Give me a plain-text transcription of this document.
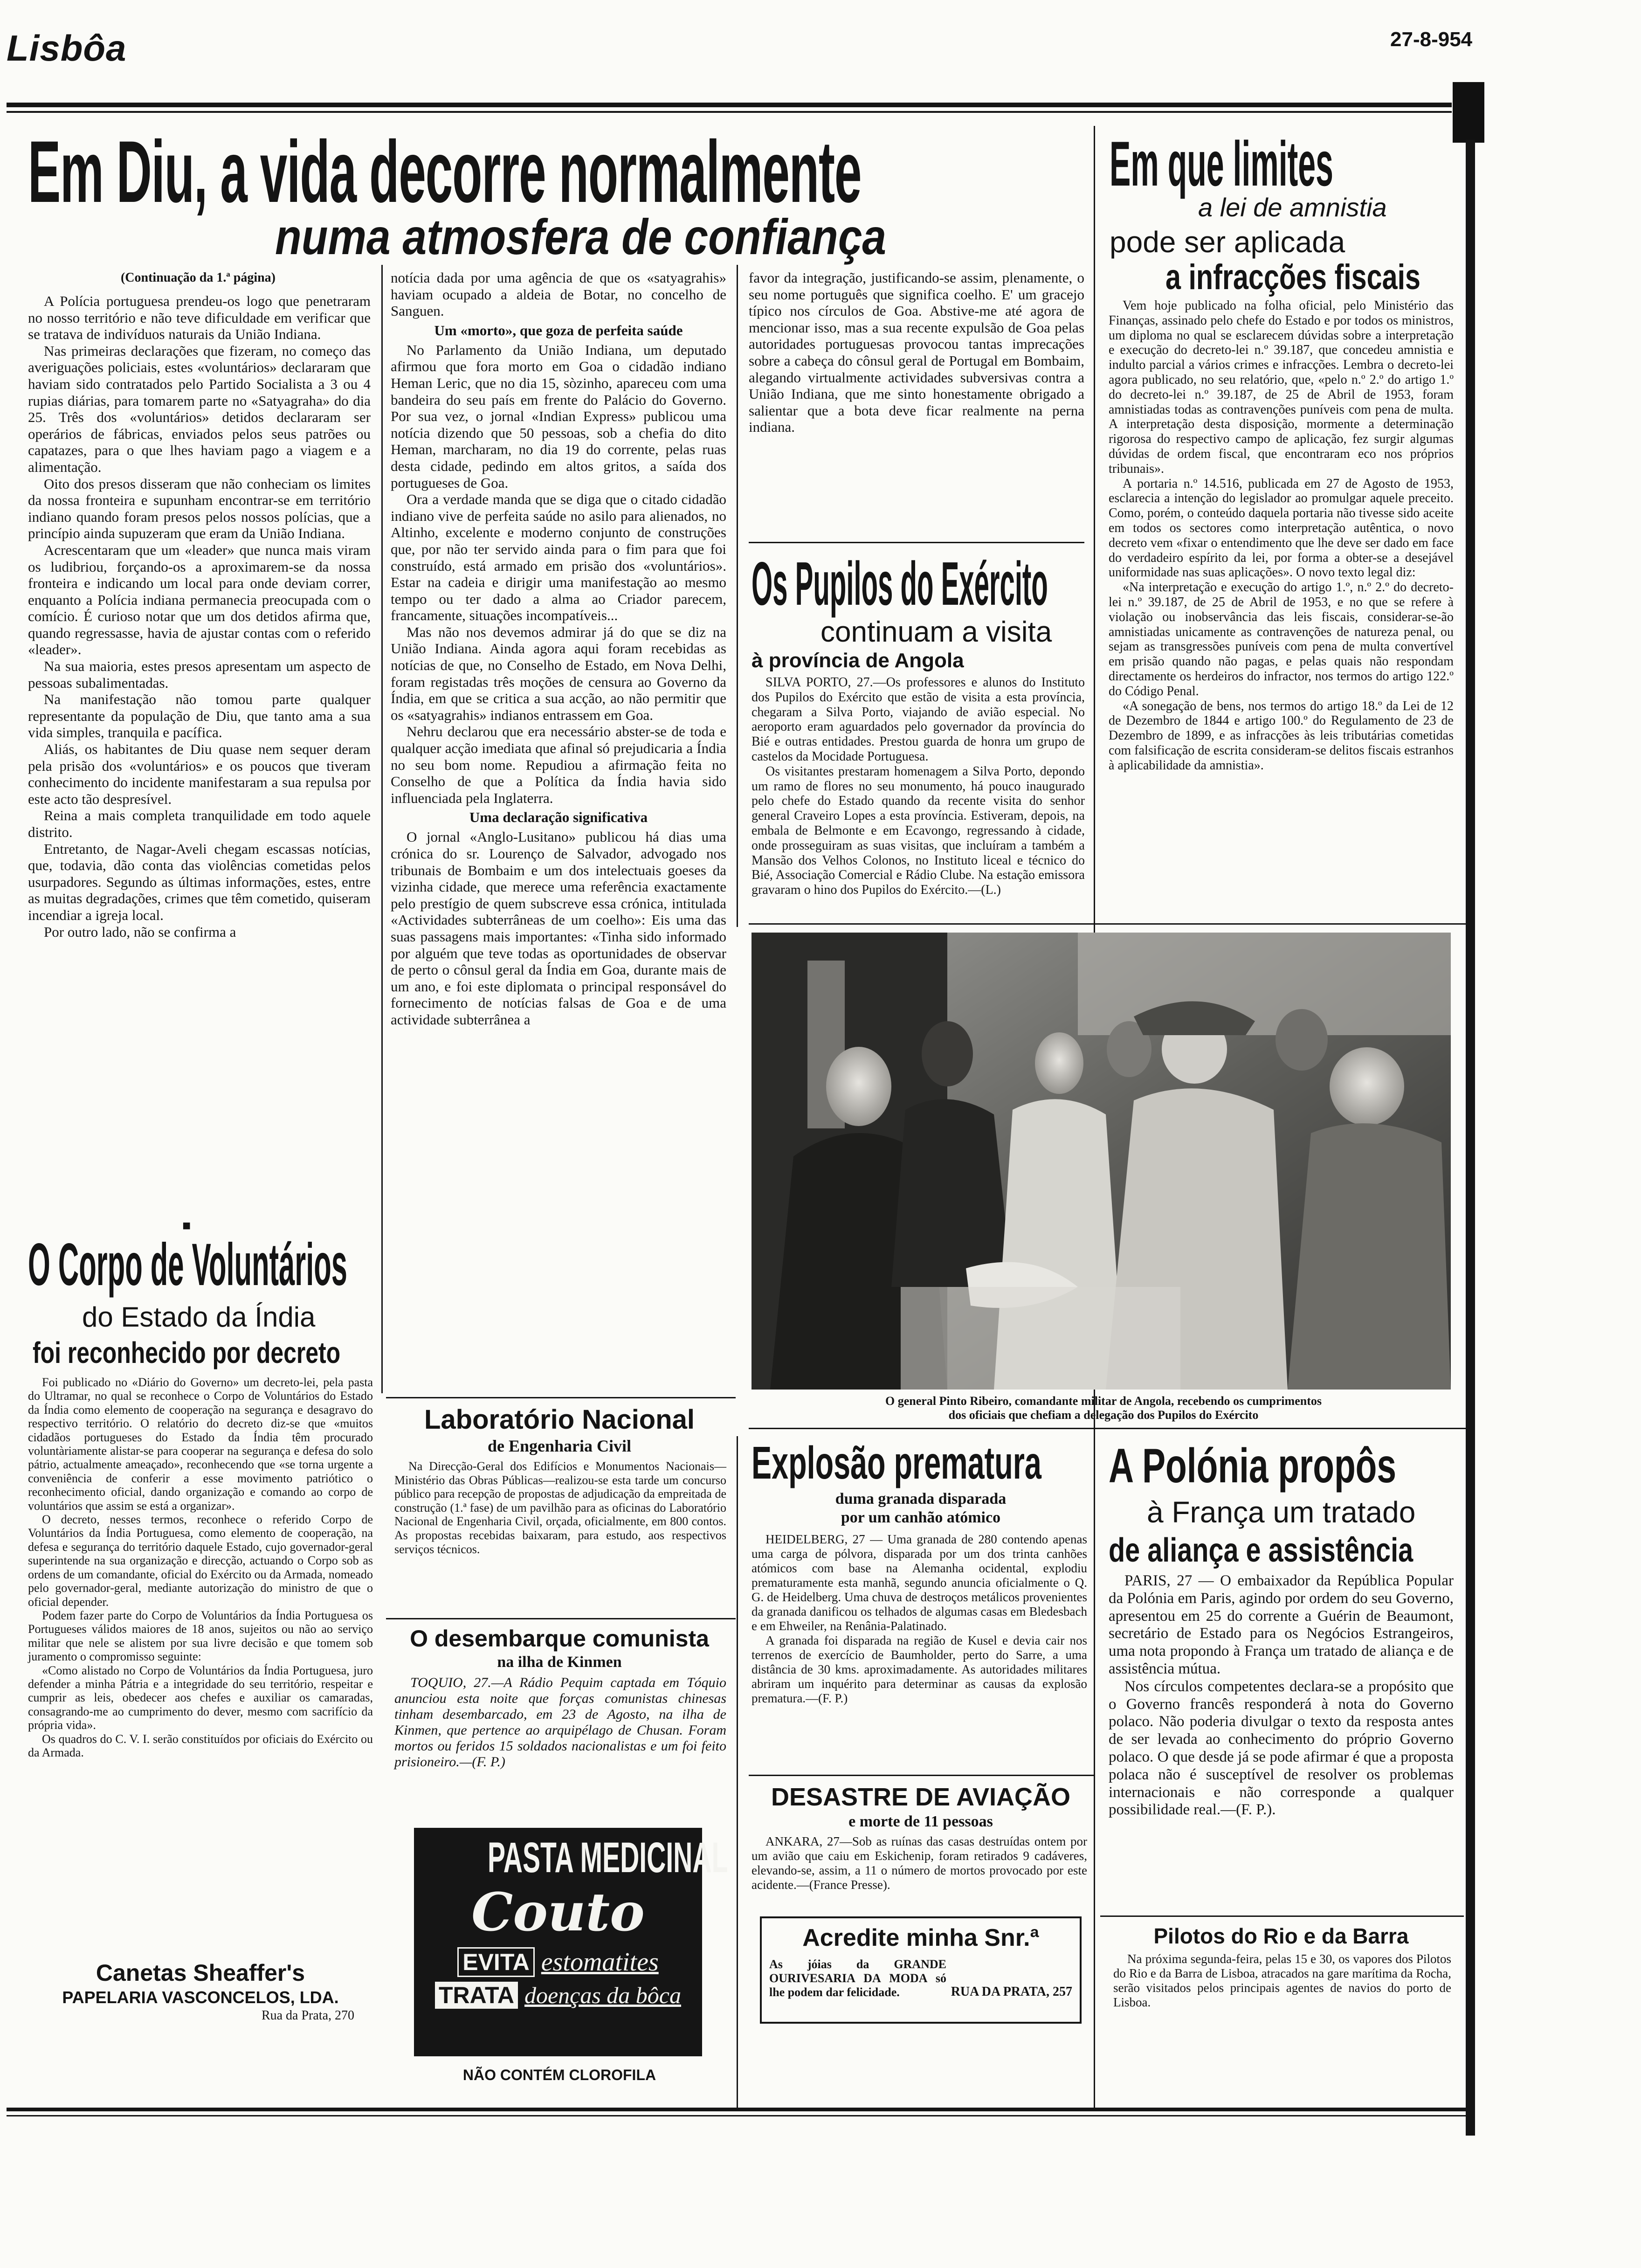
Lisbôa	27-8-954
Em Diu, a vida decorre normalmente
numa atmosfera de confiança
(Continuação da 1.ª página)

A Polícia portuguesa prendeu-os logo que penetraram no nosso território e não teve dificuldade em verificar que se tratava de indivíduos naturais da União Indiana.

Nas primeiras declarações que fizeram, no começo das averiguações policiais, estes «voluntários» declararam que haviam sido contratados pelo Partido Socialista a 3 ou 4 rupias diárias, para tomarem parte no «Satyagraha» do dia 25. Três dos «voluntários» detidos declararam ser operários de fábricas, enviados pelos seus patrões ou capatazes, para o que lhes haviam pago a viagem e a alimentação.

Oito dos presos disseram que não conheciam os limites da nossa fronteira e supunham encontrar-se em território indiano quando foram presos pelos nossos polícias, que a princípio ainda supuzeram que eram da União Indiana.

Acrescentaram que um «leader» que nunca mais viram os ludibriou, forçando-os a aproximarem-se da nossa fronteira e indicando um local para onde deviam correr, enquanto a Polícia indiana permanecia preocupada com o comício. É curioso notar que um dos detidos afirma que, quando regressasse, havia de ajustar contas com o referido «leader».

Na sua maioria, estes presos apresentam um aspecto de pessoas subalimentadas.

Na manifestação não tomou parte qualquer representante da população de Diu, que tanto ama a sua vida simples, tranquila e pacífica.

Aliás, os habitantes de Diu quase nem sequer deram pela prisão dos «voluntários» e os poucos que tiveram conhecimento do incidente manifestaram a sua repulsa por este acto tão despresível.

Reina a mais completa tranquilidade em todo aquele distrito.

Entretanto, de Nagar-Aveli chegam escassas notícias, que, todavia, dão conta das violências cometidas pelos usurpadores. Segundo as últimas informações, estes, entre as muitas degradações, crimes que têm cometido, quiseram incendiar a igreja local.

Por outro lado, não se confirma a

■

notícia dada por uma agência de que os «satyagrahis» haviam ocupado a aldeia de Botar, no concelho de Sanguen.

Um «morto», que goza de perfeita saúde

No Parlamento da União Indiana, um deputado afirmou que fora morto em Goa o cidadão indiano Heman Leric, que no dia 15, sòzinho, apareceu com uma bandeira do seu país em frente do Palácio do Governo. Por sua vez, o jornal «Indian Express» publicou uma notícia dizendo que 50 pessoas, sob a chefia do dito Heman, marcharam, no dia 19 do corrente, pelas ruas desta cidade, pedindo em altos gritos, a saída dos portugueses de Goa.

Ora a verdade manda que se diga que o citado cidadão indiano vive de perfeita saúde no asilo para alienados, no Altinho, excelente e moderno conjunto de construções que, por não ter servido ainda para o fim para que foi construído, está armado em prisão dos «voluntários». Estar na cadeia e dirigir uma manifestação ao mesmo tempo ou ter dado a alma ao Criador parecem, francamente, situações incompatíveis...

Mas não nos devemos admirar já do que se diz na União Indiana. Ainda agora aqui foram recebidas as notícias de que, no Conselho de Estado, em Nova Delhi, foram registadas três moções de censura ao Governo da Índia, em que se critica a sua acção, ao não permitir que os «satyagrahis» indianos entrassem em Goa.

Nehru declarou que era necessário abster-se de toda e qualquer acção imediata que afinal só prejudicaria a Índia no seu bom nome. Repudiou a afirmação feita no Conselho de que a Política da Índia havia sido influenciada pela Inglaterra.

Uma declaração significativa

O jornal «Anglo-Lusitano» publicou há dias uma crónica do sr. Lourenço de Salvador, advogado nos tribunais de Bombaim e um dos intelectuais goeses da vizinha cidade, que merece uma referência exactamente pelo prestígio de quem subscreve essa crónica, intitulada «Actividades subterrâneas de um coelho»: Eis uma das suas passagens mais importantes: «Tinha sido informado por alguém que teve todas as oportunidades de observar de perto o cônsul geral da Índia em Goa, durante mais de um ano, e foi este diplomata o principal responsável do fornecimento de notícias falsas de Goa e de uma actividade subterrânea a

favor da integração, justificando-se assim, plenamente, o seu nome português que significa coelho. E' um gracejo típico nos círculos de Goa. Abstive-me até agora de mencionar isso, mas a sua recente expulsão de Goa pelas autoridades portuguesas provocou tantas imprecações sobre a cabeça do cônsul geral de Portugal em Bombaim, alegando virtualmente actividades subversivas contra a União Indiana, que me sinto honestamente obrigado a salientar que a bota deve ficar realmente na perna indiana.

Os Pupilos do Exército
continuam a visita
à província de Angola

SILVA PORTO, 27.—Os professores e alunos do Instituto dos Pupilos do Exército que estão de visita a esta província, chegaram a Silva Porto, viajando de avião especial. No aeroporto eram aguardados pelo governador da província do Bié e outras entidades. Prestou guarda de honra um grupo de castelos da Mocidade Portuguesa.

Os visitantes prestaram homenagem a Silva Porto, depondo um ramo de flores no seu monumento, há pouco inaugurado pelo chefe do Estado quando da recente visita do senhor general Craveiro Lopes a esta província. Estiveram, depois, na embala de Belmonte e em Ecavongo, regressando à cidade, onde prosseguiram as suas visitas, que incluíram a também a Mansão dos Velhos Colonos, no Instituto liceal e técnico do Bié, Associação Comercial e Rádio Clube. Na estação emissora gravaram o hino dos Pupilos do Exército.—(L.)

Em que limites
a lei de amnistia
pode ser aplicada
a infracções fiscais

Vem hoje publicado na folha oficial, pelo Ministério das Finanças, assinado pelo chefe do Estado e por todos os ministros, um diploma no qual se esclarecem dúvidas sobre a interpretação e execução do decreto-lei n.º 39.187, que concedeu amnistia e indulto parcial a vários crimes e infracções. Lembra o decreto-lei agora publicado, no seu relatório, que, «pelo n.º 2.º do artigo 1.º do decreto-lei n.º 39.187, de 25 de Abril de 1953, foram amnistiadas todas as contravenções puníveis com pena de multa. A interpretação desta disposição, mormente a determinação rigorosa do respectivo campo de aplicação, fez surgir algumas dúvidas de ordem fiscal, que encontraram eco nos próprios tribunais».

A portaria n.º 14.516, publicada em 27 de Agosto de 1953, esclarecia a intenção do legislador ao promulgar aquele preceito. Como, porém, o conteúdo daquela portaria não tivesse sido aceite em todos os sectores como interpretação autêntica, o novo decreto vem «fixar o entendimento que lhe deve ser dado em face do verdadeiro espírito da lei, por forma a obter-se a desejável uniformidade nas suas aplicações». O novo texto legal diz:

«Na interpretação e execução do artigo 1.º, n.º 2.º do decreto-lei n.º 39.187, de 25 de Abril de 1953, e no que se refere à violação ou inobservância das leis fiscais, considerar-se-ão amnistiadas unicamente as contravenções de natureza penal, ou sejam as transgressões puníveis com pena de multa convertível em prisão quando não pagas, e pelas quais não respondam directamente os herdeiros do infractor, nos termos do artigo 122.º do Código Penal.

«A sonegação de bens, nos termos do artigo 18.º da Lei de 12 de Dezembro de 1844 e artigo 100.º do Regulamento de 23 de Dezembro de 1899, e as infracções às leis tributárias cometidas com falsificação de escrita consideram-se delitos fiscais estranhos à aplicabilidade da amnistia».

O general Pinto Ribeiro, comandante militar de Angola, recebendo os cumprimentos
dos oficiais que chefiam a delegação dos Pupilos do Exército
O Corpo de Voluntários
do Estado da Índia
foi reconhecido por decreto

Foi publicado no «Diário do Governo» um decreto-lei, pela pasta do Ultramar, no qual se reconhece o Corpo de Voluntários do Estado da Índia como elemento de cooperação na segurança e desagravo do respectivo território. O relatório do decreto diz-se que «muitos cidadãos portugueses do Estado da Índia têm procurado voluntàriamente alistar-se para cooperar na segurança e defesa do solo pátrio, actualmente ameaçado», reconhecendo que «se torna urgente a conveniência de conferir a esse movimento patriótico o reconhecimento oficial, dando organização e comando ao corpo de voluntários que assim se está a organizar».

O decreto, nesses termos, reconhece o referido Corpo de Voluntários da Índia Portuguesa, como elemento de cooperação, na defesa e segurança do território daquele Estado, cujo governador-geral superintende na sua organização e direcção, actuando o Corpo sob as ordens de um comandante, oficial do Exército ou da Armada, nomeado pelo governador-geral, mediante autorização do ministro de que o oficial depender.

Podem fazer parte do Corpo de Voluntários da Índia Portuguesa os Portugueses válidos maiores de 18 anos, sujeitos ou não ao serviço militar que nele se alistem por sua livre decisão e que tomem sob juramento o compromisso seguinte:

«Como alistado no Corpo de Voluntários da Índia Portuguesa, juro defender a minha Pátria e a integridade do seu território, respeitar e cumprir as leis, obedecer aos chefes e auxiliar os camaradas, consagrando-me ao cumprimento do dever, mesmo com sacrifício da própria vida».

Os quadros do C. V. I. serão constituídos por oficiais do Exército ou da Armada.

Canetas Sheaffer's
PAPELARIA VASCONCELOS, LDA.
Rua da Prata, 270
Laboratório Nacional
de Engenharia Civil

Na Direcção-Geral dos Edifícios e Monumentos Nacionais—Ministério das Obras Públicas—realizou-se esta tarde um concurso público para recepção de propostas de adjudicação da empreitada de construção (1.ª fase) de um pavilhão para as oficinas do Laboratório Nacional de Engenharia Civil, orçada, oficialmente, em 800 contos. As propostas recebidas baixaram, para estudo, aos respectivos serviços técnicos.

O desembarque comunista
na ilha de Kinmen

TOQUIO, 27.—A Rádio Pequim captada em Tóquio anunciou esta noite que forças comunistas chinesas tinham desembarcado, em 23 de Agosto, na ilha de Kinmen, que pertence ao arquipélago de Chusan. Foram mortos ou feridos 15 soldados nacionalistas e um foi feito prisioneiro.—(F. P.)

PASTA MEDICINAL
Couto
EVITA estomatites
TRATA doenças da bôca
NÃO CONTÉM CLOROFILA
Explosão prematura
duma granada disparada
por um canhão atómico

HEIDELBERG, 27 — Uma granada de 280 contendo apenas uma carga de pólvora, disparada por um dos trinta canhões atómicos com base na Alemanha ocidental, explodiu prematuramente esta manhã, segundo anuncia oficialmente o Q. G. de Heidelberg. Uma chuva de destroços metálicos provenientes da granada danificou os telhados de algumas casas em Bledesbach e em Ehweiler, na Renânia-Palatinado.

A granada foi disparada na região de Kusel e devia cair nos terrenos de exercício de Baumholder, perto do Sarre, a uma distância de 30 kms. aproximadamente. As autoridades militares abriram um inquérito para determinar as causas da explosão prematura.—(F. P.)

DESASTRE DE AVIAÇÃO
e morte de 11 pessoas

ANKARA, 27—Sob as ruínas das casas destruídas ontem por um avião que caiu em Eskichenip, foram retirados 9 cadáveres, elevando-se, assim, a 11 o número de mortos provocado por este acidente.—(France Presse).

Acredite minha Snr.ª
As jóias da GRANDE OURIVESARIA DA MODA só lhe podem dar felicidade.	RUA DA PRATA, 257
A Polónia propôs
à França um tratado
de aliança e assistência

PARIS, 27 — O embaixador da República Popular da Polónia em Paris, agindo por ordem do seu Governo, apresentou em 25 do corrente a Guérin de Beaumont, secretário de Estado para os Negócios Estrangeiros, uma nota propondo à França um tratado de aliança e de assistência mútua.

Nos círculos competentes declara-se a propósito que o Governo francês responderá à nota do Governo polaco. Não poderia divulgar o texto da resposta antes de ser levada ao conhecimento do próprio Governo polaco. O que desde já se pode afirmar é que a proposta polaca não é susceptível de resolver os problemas internacionais e não corresponde a qualquer possibilidade real.—(F. P.).

Pilotos do Rio e da Barra

Na próxima segunda-feira, pelas 15 e 30, os vapores dos Pilotos do Rio e da Barra de Lisboa, atracados na gare marítima da Rocha, serão visitados pelos principais agentes de navios do porto de Lisboa.
